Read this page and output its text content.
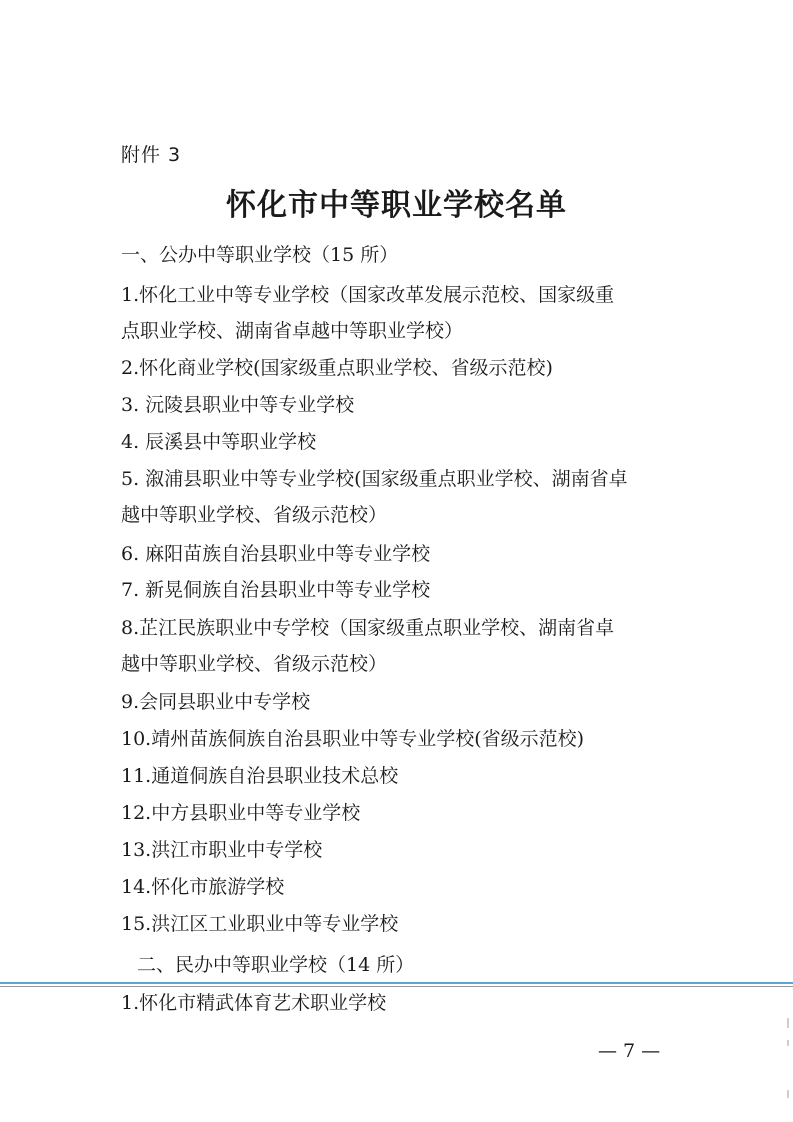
附件 3
怀化市中等职业学校名单
一、公办中等职业学校（15 所）
1.怀化工业中等专业学校（国家改革发展示范校、国家级重
点职业学校、湖南省卓越中等职业学校）
2.怀化商业学校(国家级重点职业学校、省级示范校)
3. 沅陵县职业中等专业学校
4. 辰溪县中等职业学校
5. 溆浦县职业中等专业学校(国家级重点职业学校、湖南省卓
越中等职业学校、省级示范校）
6. 麻阳苗族自治县职业中等专业学校
7. 新晃侗族自治县职业中等专业学校
8.芷江民族职业中专学校（国家级重点职业学校、湖南省卓
越中等职业学校、省级示范校）
9.会同县职业中专学校
10.靖州苗族侗族自治县职业中等专业学校(省级示范校)
11.通道侗族自治县职业技术总校
12.中方县职业中等专业学校
13.洪江市职业中专学校
14.怀化市旅游学校
15.洪江区工业职业中等专业学校
二、民办中等职业学校（14 所）
1.怀化市精武体育艺术职业学校
— 7 —
